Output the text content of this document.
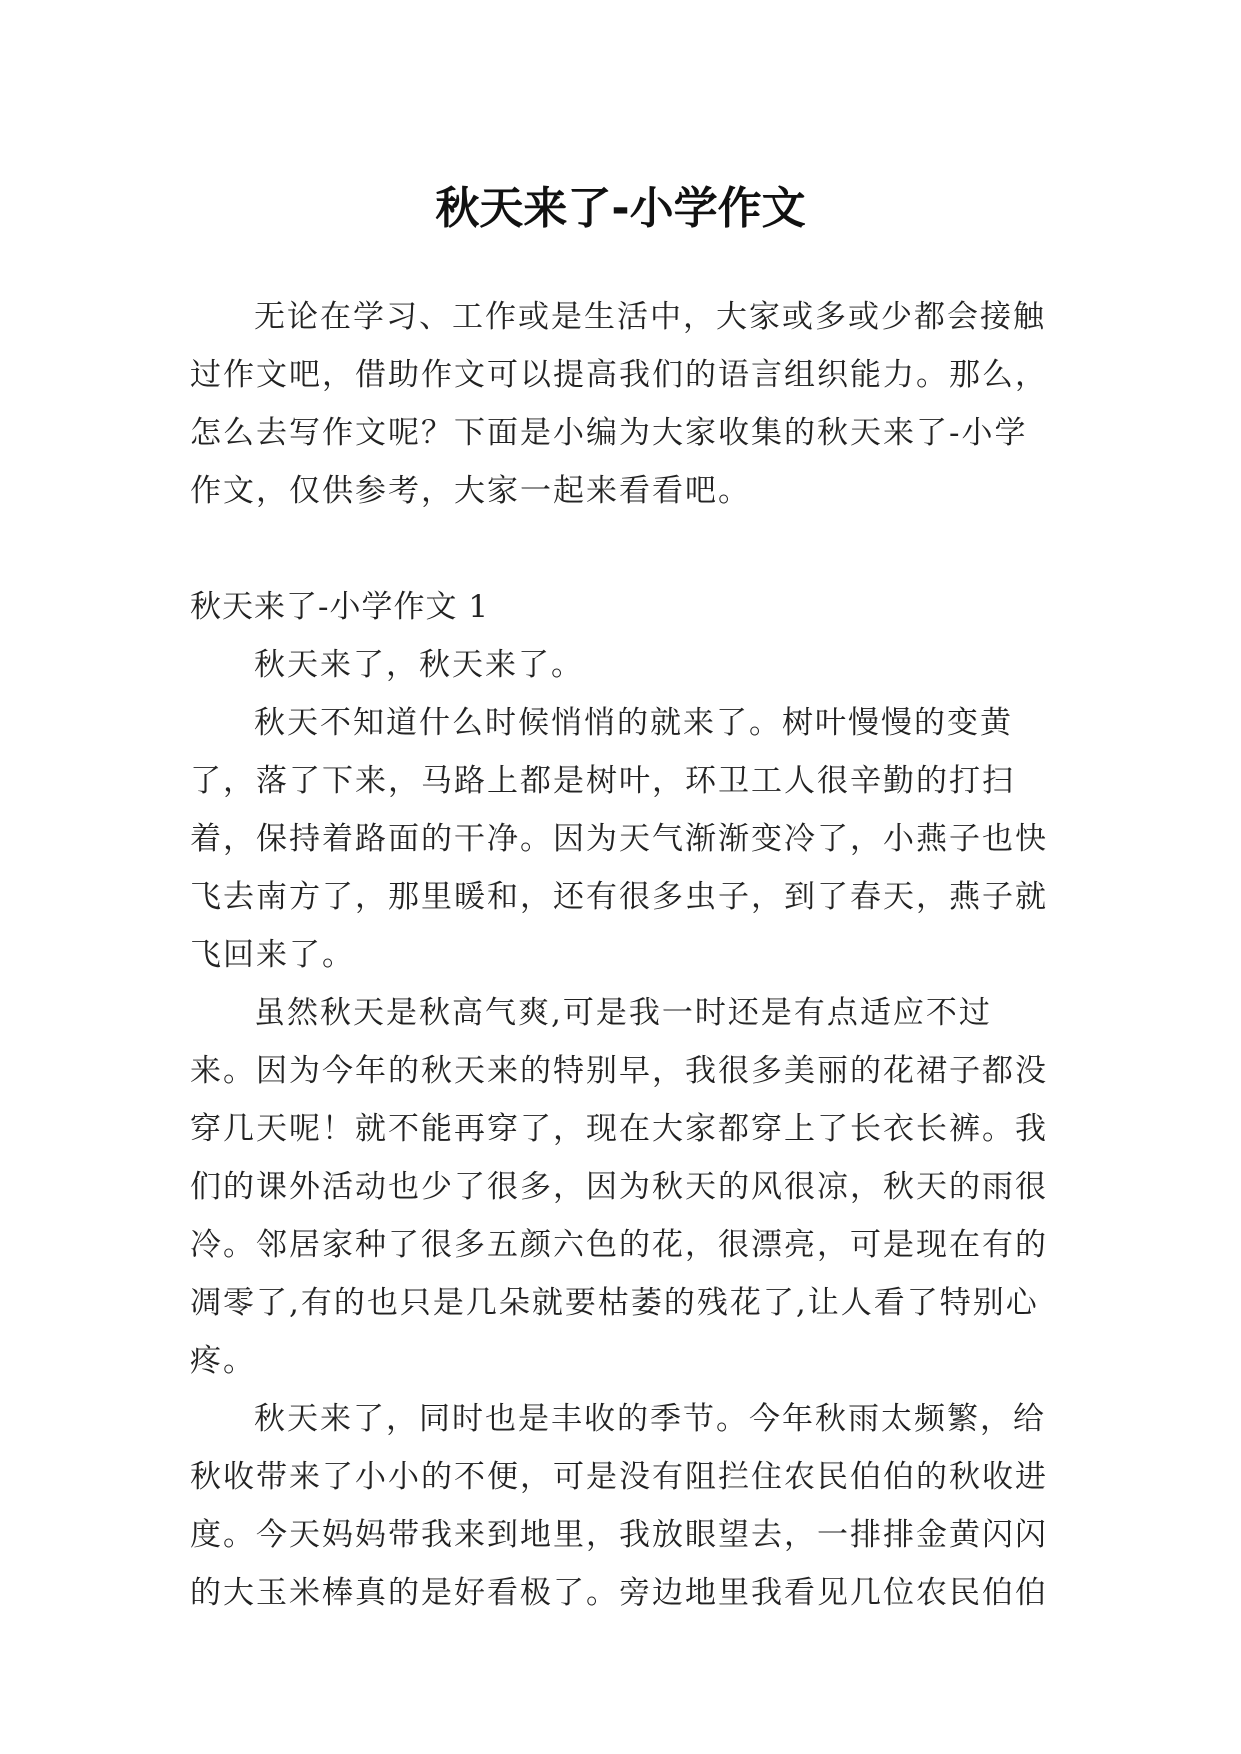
秋天来了-小学作文

无论在学习、工作或是生活中，大家或多或少都会接触过作文吧，借助作文可以提高我们的语言组织能力。那么，怎么去写作文呢？下面是小编为大家收集的秋天来了-小学作文，仅供参考，大家一起来看看吧。

秋天来了-小学作文 1

秋天来了，秋天来了。

秋天不知道什么时候悄悄的就来了。树叶慢慢的变黄了，落了下来，马路上都是树叶，环卫工人很辛勤的打扫着，保持着路面的干净。因为天气渐渐变冷了，小燕子也快飞去南方了，那里暖和，还有很多虫子，到了春天，燕子就飞回来了。

虽然秋天是秋高气爽,可是我一时还是有点适应不过来。因为今年的秋天来的特别早，我很多美丽的花裙子都没穿几天呢！就不能再穿了，现在大家都穿上了长衣长裤。我们的课外活动也少了很多，因为秋天的风很凉，秋天的雨很冷。邻居家种了很多五颜六色的花，很漂亮，可是现在有的凋零了,有的也只是几朵就要枯萎的残花了,让人看了特别心疼。

秋天来了，同时也是丰收的季节。今年秋雨太频繁，给秋收带来了小小的不便，可是没有阻拦住农民伯伯的秋收进度。今天妈妈带我来到地里，我放眼望去，一排排金黄闪闪的大玉米棒真的是好看极了。旁边地里我看见几位农民伯伯
